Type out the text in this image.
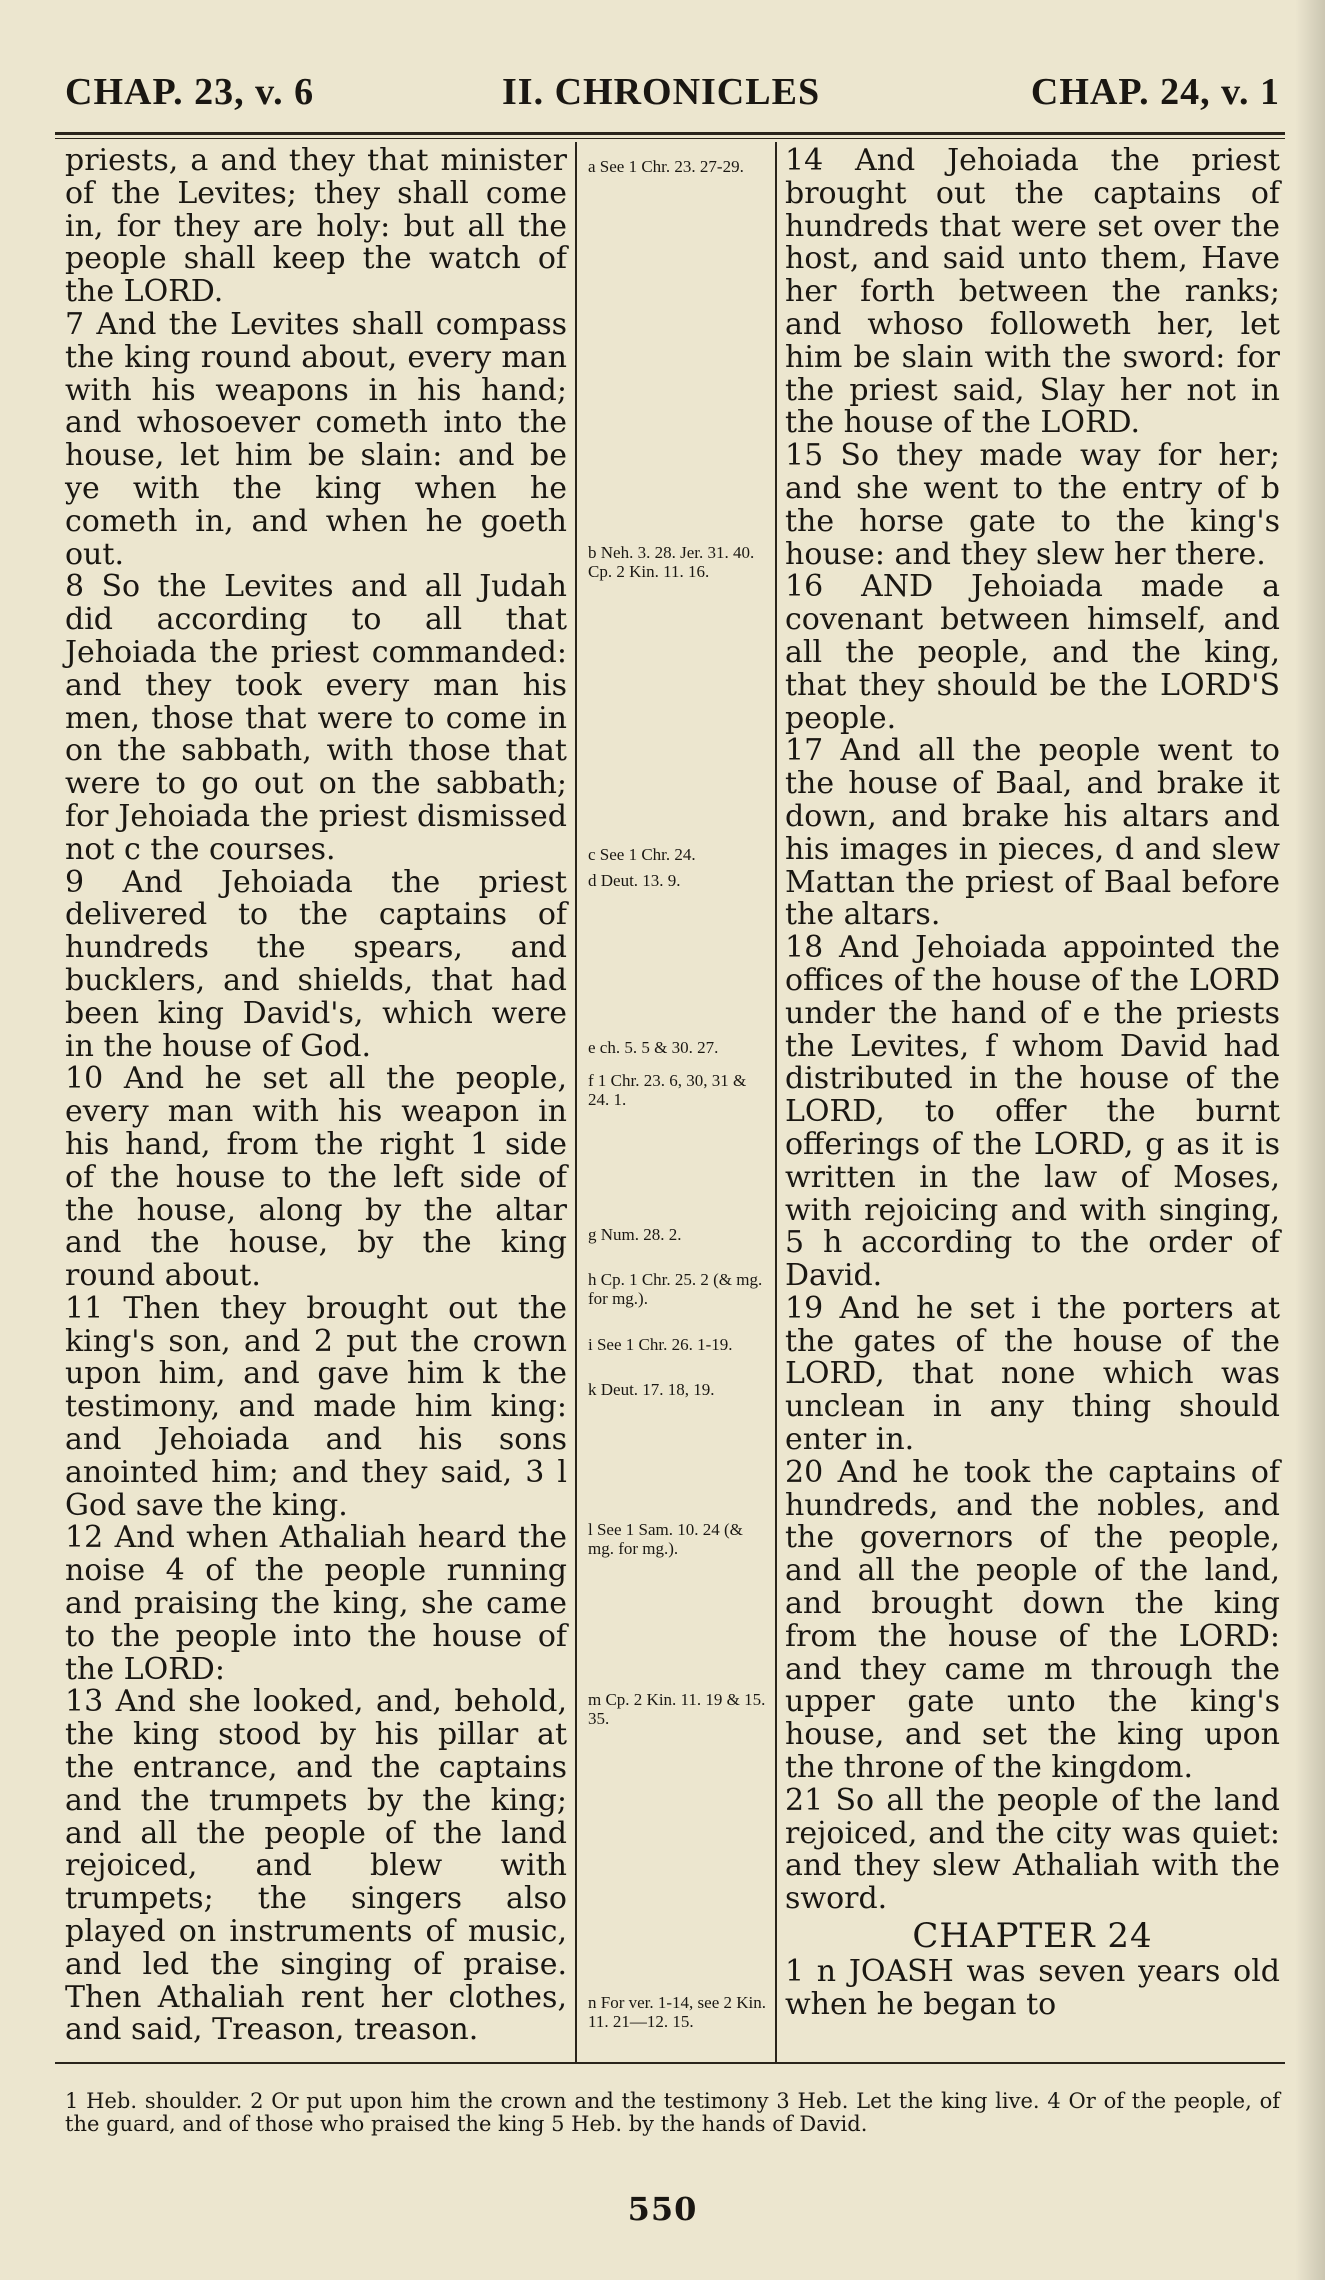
CHAP. 23, v. 6	II. CHRONICLES	CHAP. 24, v. 1

priests, a and they that minister of the Levites; they shall come in, for they are holy: but all the people shall keep the watch of the LORD.

7 And the Levites shall compass the king round about, every man with his weapons in his hand; and whosoever cometh into the house, let him be slain: and be ye with the king when he cometh in, and when he goeth out.

8 So the Levites and all Judah did according to all that Jehoiada the priest commanded: and they took every man his men, those that were to come in on the sabbath, with those that were to go out on the sabbath; for Jehoiada the priest dismissed not c the courses.

9 And Jehoiada the priest delivered to the captains of hundreds the spears, and bucklers, and shields, that had been king David's, which were in the house of God.

10 And he set all the people, every man with his weapon in his hand, from the right 1 side of the house to the left side of the house, along by the altar and the house, by the king round about.

11 Then they brought out the king's son, and 2 put the crown upon him, and gave him k the testimony, and made him king: and Jehoiada and his sons anointed him; and they said, 3 l God save the king.

12 And when Athaliah heard the noise 4 of the people running and praising the king, she came to the people into the house of the LORD:

13 And she looked, and, behold, the king stood by his pillar at the entrance, and the captains and the trumpets by the king; and all the people of the land rejoiced, and blew with trumpets; the singers also played on instruments of music, and led the singing of praise. Then Athaliah rent her clothes, and said, Treason, treason.

a See 1 Chr. 23. 27-29.
b Neh. 3. 28. Jer. 31. 40. Cp. 2 Kin. 11. 16.
c See 1 Chr. 24.
d Deut. 13. 9.
e ch. 5. 5 & 30. 27.
f 1 Chr. 23. 6, 30, 31 & 24. 1.
g Num. 28. 2.
h Cp. 1 Chr. 25. 2 (& mg. for mg.).
i See 1 Chr. 26. 1-19.
k Deut. 17. 18, 19.
l See 1 Sam. 10. 24 (& mg. for mg.).
m Cp. 2 Kin. 11. 19 & 15. 35.
n For ver. 1-14, see 2 Kin. 11. 21—12. 15.

14 And Jehoiada the priest brought out the captains of hundreds that were set over the host, and said unto them, Have her forth between the ranks; and whoso followeth her, let him be slain with the sword: for the priest said, Slay her not in the house of the LORD.

15 So they made way for her; and she went to the entry of b the horse gate to the king's house: and they slew her there.

16 AND Jehoiada made a covenant between himself, and all the people, and the king, that they should be the LORD'S people.

17 And all the people went to the house of Baal, and brake it down, and brake his altars and his images in pieces, d and slew Mattan the priest of Baal before the altars.

18 And Jehoiada appointed the offices of the house of the LORD under the hand of e the priests the Levites, f whom David had distributed in the house of the LORD, to offer the burnt offerings of the LORD, g as it is written in the law of Moses, with rejoicing and with singing, 5 h according to the order of David.

19 And he set i the porters at the gates of the house of the LORD, that none which was unclean in any thing should enter in.

20 And he took the captains of hundreds, and the nobles, and the governors of the people, and all the people of the land, and brought down the king from the house of the LORD: and they came m through the upper gate unto the king's house, and set the king upon the throne of the kingdom.

21 So all the people of the land rejoiced, and the city was quiet: and they slew Athaliah with the sword.

CHAPTER 24

1 n JOASH was seven years old when he began to

1 Heb. shoulder. 2 Or put upon him the crown and the testimony 3 Heb. Let the king live. 4 Or of the people, of the guard, and of those who praised the king 5 Heb. by the hands of David.

550
